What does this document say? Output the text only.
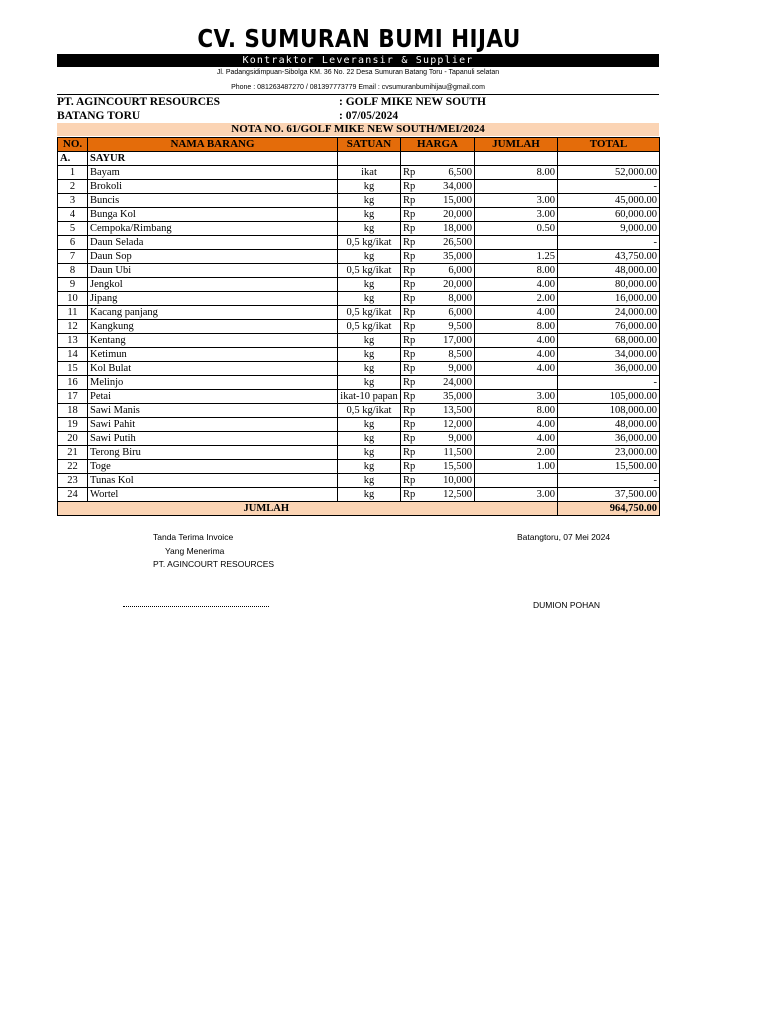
CV. SUMURAN BUMI HIJAU
Kontraktor Leveransir & Supplier
Jl. Padangsidimpuan-Sibolga KM. 36 No. 22 Desa Sumuran Batang Toru - Tapanuli selatan
Phone : 081263487270 / 081397773779 Email : cvsumuranbumihijau@gmail.com
PT. AGINCOURT RESOURCES
BATANG TORU
: GOLF MIKE NEW SOUTH
: 07/05/2024
NOTA NO. 61/GOLF MIKE NEW SOUTH/MEI/2024
NO.	NAMA BARANG	SATUAN	HARGA		JUMLAH	TOTAL
A.	SAYUR					
1	Bayam	ikat	Rp	6,500	8.00	52,000.00
2	Brokoli	kg	Rp	34,000		-
3	Buncis	kg	Rp	15,000	3.00	45,000.00
4	Bunga Kol	kg	Rp	20,000	3.00	60,000.00
5	Cempoka/Rimbang	kg	Rp	18,000	0.50	9,000.00
6	Daun Selada	0,5 kg/ikat	Rp	26,500		-
7	Daun Sop	kg	Rp	35,000	1.25	43,750.00
8	Daun Ubi	0,5 kg/ikat	Rp	6,000	8.00	48,000.00
9	Jengkol	kg	Rp	20,000	4.00	80,000.00
10	Jipang	kg	Rp	8,000	2.00	16,000.00
11	Kacang panjang	0,5 kg/ikat	Rp	6,000	4.00	24,000.00
12	Kangkung	0,5 kg/ikat	Rp	9,500	8.00	76,000.00
13	Kentang	kg	Rp	17,000	4.00	68,000.00
14	Ketimun	kg	Rp	8,500	4.00	34,000.00
15	Kol Bulat	kg	Rp	9,000	4.00	36,000.00
16	Melinjo	kg	Rp	24,000		-
17	Petai	ikat-10 papan	Rp	35,000	3.00	105,000.00
18	Sawi Manis	0,5 kg/ikat	Rp	13,500	8.00	108,000.00
19	Sawi Pahit	kg	Rp	12,000	4.00	48,000.00
20	Sawi Putih	kg	Rp	9,000	4.00	36,000.00
21	Terong Biru	kg	Rp	11,500	2.00	23,000.00
22	Toge	kg	Rp	15,500	1.00	15,500.00
23	Tunas Kol	kg	Rp	10,000		-
24	Wortel	kg	Rp	12,500	3.00	37,500.00
JUMLAH						964,750.00
Tanda Terima Invoice
Yang Menerima
PT. AGINCOURT RESOURCES
Batangtoru, 07 Mei 2024
DUMION POHAN
